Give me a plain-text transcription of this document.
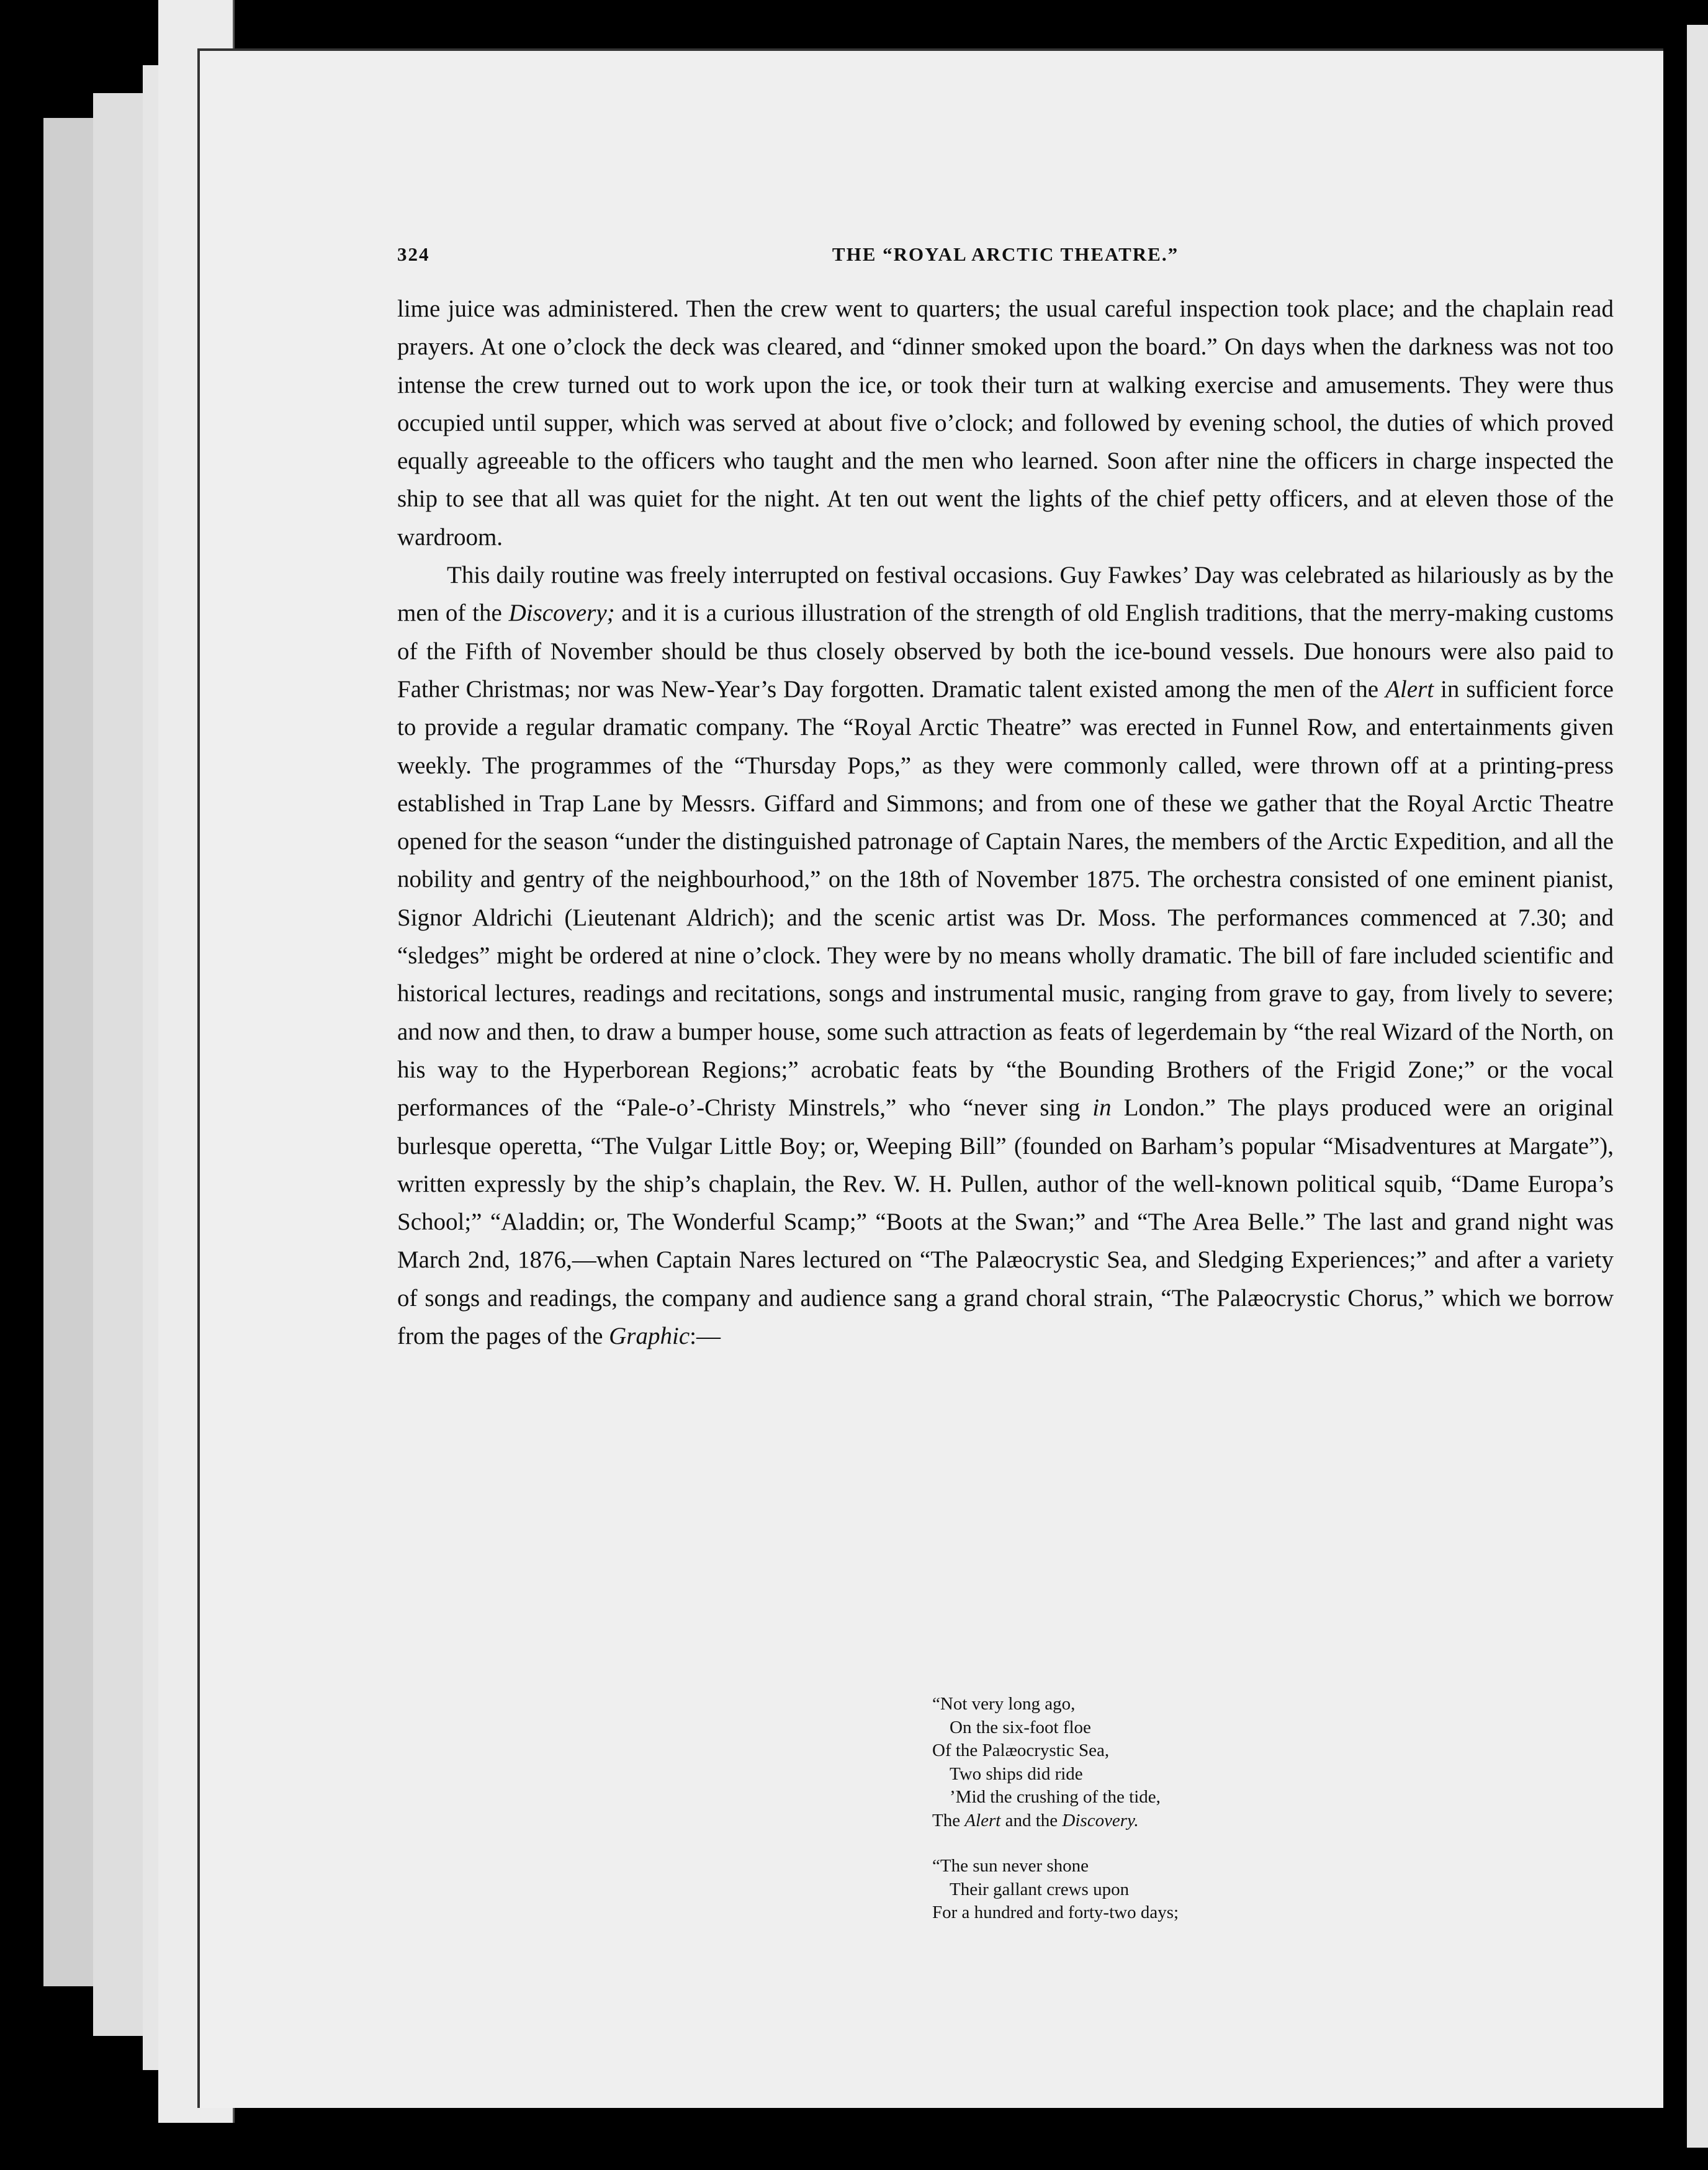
324	THE “ROYAL ARCTIC THEATRE.”

lime juice was administered. Then the crew went to quarters; the usual careful inspection took place; and the chaplain read prayers. At one o’clock the deck was cleared, and “dinner smoked upon the board.” On days when the darkness was not too intense the crew turned out to work upon the ice, or took their turn at walking exercise and amusements. They were thus occupied until supper, which was served at about five o’clock; and followed by evening school, the duties of which proved equally agreeable to the officers who taught and the men who learned. Soon after nine the officers in charge inspected the ship to see that all was quiet for the night. At ten out went the lights of the chief petty officers, and at eleven those of the wardroom.

This daily routine was freely interrupted on festival occasions. Guy Fawkes’ Day was celebrated as hilariously as by the men of the Discovery; and it is a curious illustration of the strength of old English traditions, that the merry-making customs of the Fifth of November should be thus closely observed by both the ice-bound vessels. Due honours were also paid to Father Christmas; nor was New-Year’s Day forgotten. Dramatic talent existed among the men of the Alert in sufficient force to provide a regular dramatic company. The “Royal Arctic Theatre” was erected in Funnel Row, and entertainments given weekly. The programmes of the “Thursday Pops,” as they were commonly called, were thrown off at a printing-press established in Trap Lane by Messrs. Giffard and Simmons; and from one of these we gather that the Royal Arctic Theatre opened for the season “under the distinguished patronage of Captain Nares, the members of the Arctic Expedition, and all the nobility and gentry of the neighbourhood,” on the 18th of November 1875. The orchestra consisted of one eminent pianist, Signor Aldrichi (Lieutenant Aldrich); and the scenic artist was Dr. Moss. The performances commenced at 7.30; and “sledges” might be ordered at nine o’clock. They were by no means wholly dramatic. The bill of fare included scientific and historical lectures, readings and recitations, songs and instrumental music, ranging from grave to gay, from lively to severe; and now and then, to draw a bumper house, some such attraction as feats of legerdemain by “the real Wizard of the North, on his way to the Hyperborean Regions;” acrobatic feats by “the Bounding Brothers of the Frigid Zone;” or the vocal performances of the “Pale-o’-Christy Minstrels,” who “never sing in London.” The plays produced were an original burlesque operetta, “The Vulgar Little Boy; or, Weeping Bill” (founded on Barham’s popular “Misadventures at Margate”), written expressly by the ship’s chaplain, the Rev. W. H. Pullen, author of the well-known political squib, “Dame Europa’s School;” “Aladdin; or, The Wonderful Scamp;” “Boots at the Swan;” and “The Area Belle.” The last and grand night was March 2nd, 1876,—when Captain Nares lectured on “The Palæocrystic Sea, and Sledging Experiences;” and after a variety of songs and readings, the company and audience sang a grand choral strain, “The Palæocrystic Chorus,” which we borrow from the pages of the Graphic:—

“Not very long ago,
On the six-foot floe
Of the Palæocrystic Sea,
Two ships did ride
’Mid the crushing of the tide,
The Alert and the Discovery.
“The sun never shone
Their gallant crews upon
For a hundred and forty-two days;
